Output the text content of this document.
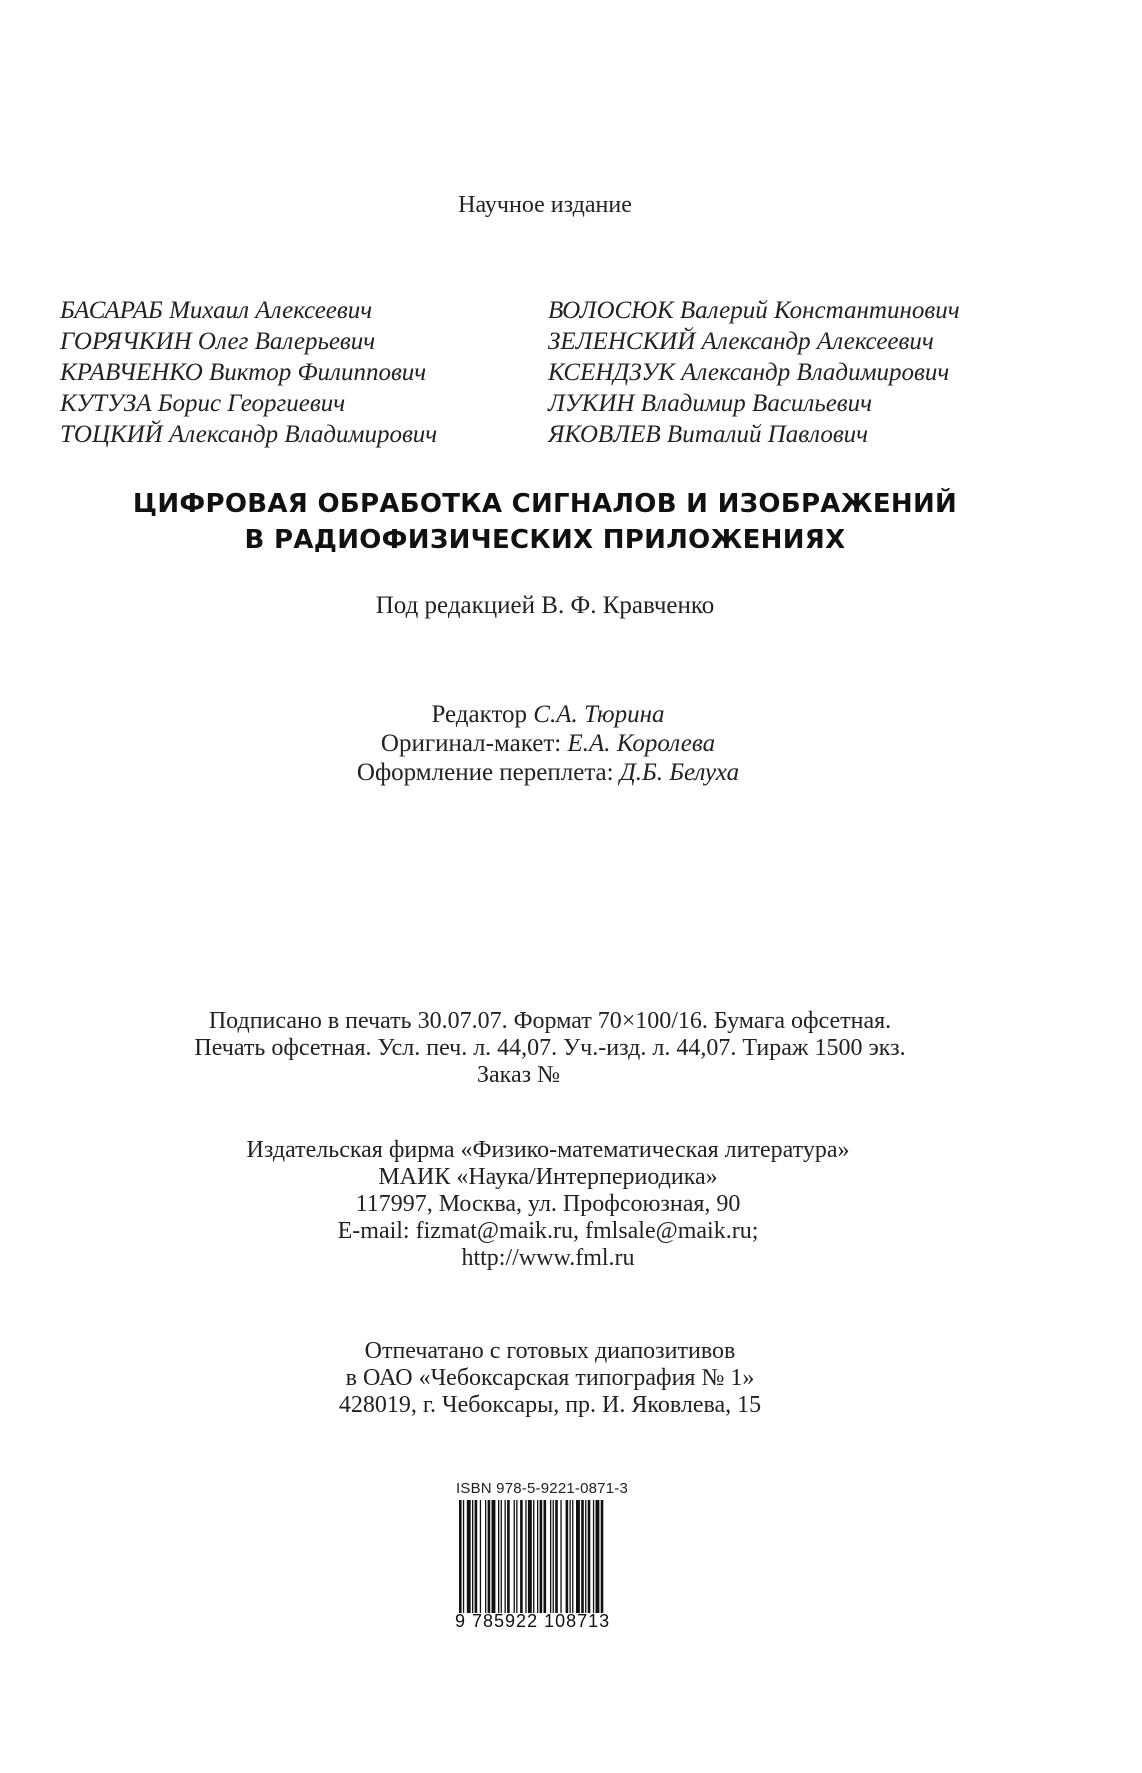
Научное издание
БАСАРАБ Михаил Алексеевич
ГОРЯЧКИН Олег Валерьевич
КРАВЧЕНКО Виктор Филиппович
КУТУЗА Борис Георгиевич
ТОЦКИЙ Александр Владимирович
ВОЛОСЮК Валерий Константинович
ЗЕЛЕНСКИЙ Александр Алексеевич
КСЕНДЗУК Александр Владимирович
ЛУКИН Владимир Васильевич
ЯКОВЛЕВ Виталий Павлович
ЦИФРОВАЯ ОБРАБОТКА СИГНАЛОВ И ИЗОБРАЖЕНИЙ
В РАДИОФИЗИЧЕСКИХ ПРИЛОЖЕНИЯХ
Под редакцией В. Ф. Кравченко
Редактор С.А. Тюрина
Оригинал-макет: Е.А. Королева
Оформление переплета: Д.Б. Белуха
Подписано в печать 30.07.07. Формат 70×100/16. Бумага офсетная.
Печать офсетная. Усл. печ. л. 44,07. Уч.-изд. л. 44,07. Тираж 1500 экз.
Заказ №
Издательская фирма «Физико-математическая литература»
МАИК «Наука/Интерпериодика»
117997, Москва, ул. Профсоюзная, 90
E-mail: fizmat@maik.ru, fmlsale@maik.ru;
http://www.fml.ru
Отпечатано с готовых диапозитивов
в ОАО «Чебоксарская типография № 1»
428019, г. Чебоксары, пр. И. Яковлева, 15
ISBN 978-5-9221-0871-3
9 785922 108713
